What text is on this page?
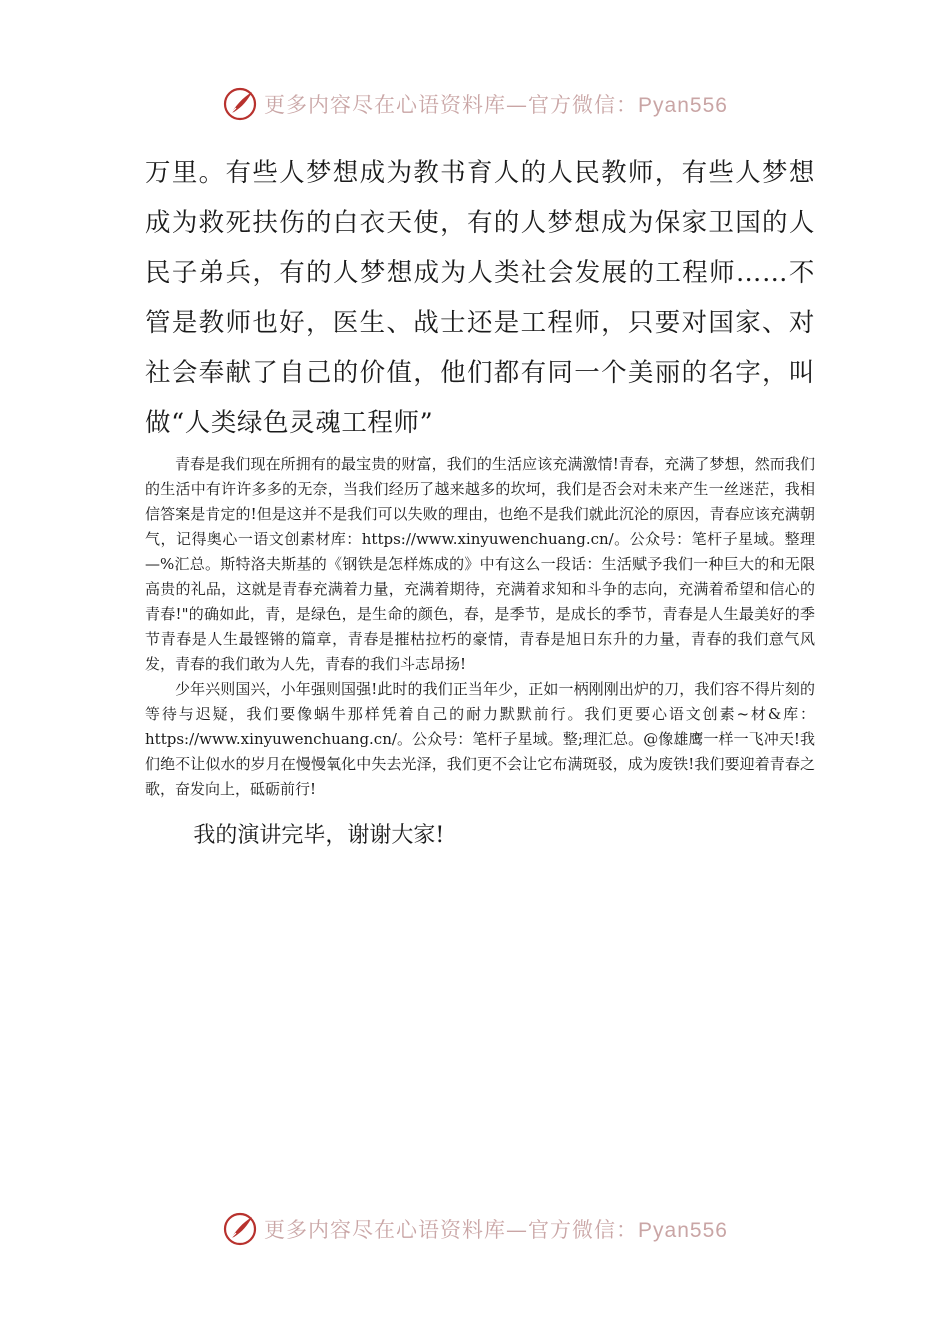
更多内容尽在心语资料库—官方微信：Pyan556

万里。有些人梦想成为教书育人的人民教师，有些人梦想成为救死扶伤的白衣天使，有的人梦想成为保家卫国的人民子弟兵，有的人梦想成为人类社会发展的工程师……不管是教师也好，医生、战士还是工程师，只要对国家、对社会奉献了自己的价值，他们都有同一个美丽的名字，叫做“人类绿色灵魂工程师”

青春是我们现在所拥有的最宝贵的财富，我们的生活应该充满激情!青春，充满了梦想，然而我们的生活中有许许多多的无奈，当我们经历了越来越多的坎坷，我们是否会对未来产生一丝迷茫，我相信答案是肯定的!但是这并不是我们可以失败的理由，也绝不是我们就此沉沦的原因，青春应该充满朝气，记得奥心一语文创素材库：https://www.xinyuwenchuang.cn/。公众号：笔杆子星域。整理—%汇总。斯特洛夫斯基的《钢铁是怎样炼成的》中有这么一段话：生活赋予我们一种巨大的和无限高贵的礼品，这就是青春充满着力量，充满着期待，充满着求知和斗争的志向，充满着希望和信心的青春!"的确如此，青，是绿色，是生命的颜色，春，是季节，是成长的季节，青春是人生最美好的季节青春是人生最铿锵的篇章，青春是摧枯拉朽的豪情，青春是旭日东升的力量，青春的我们意气风发，青春的我们敢为人先，青春的我们斗志昂扬!

少年兴则国兴，小年强则国强!此时的我们正当年少，正如一柄刚刚出炉的刀，我们容不得片刻的等待与迟疑，我们要像蜗牛那样凭着自己的耐力默默前行。我们更要心语文创素~材&库：https://www.xinyuwenchuang.cn/。公众号：笔杆子星域。整;理汇总。@像雄鹰一样一飞冲天!我们绝不让似水的岁月在慢慢氧化中失去光泽，我们更不会让它布满斑驳，成为废铁!我们要迎着青春之歌，奋发向上，砥砺前行!

我的演讲完毕，谢谢大家!

更多内容尽在心语资料库—官方微信：Pyan556
